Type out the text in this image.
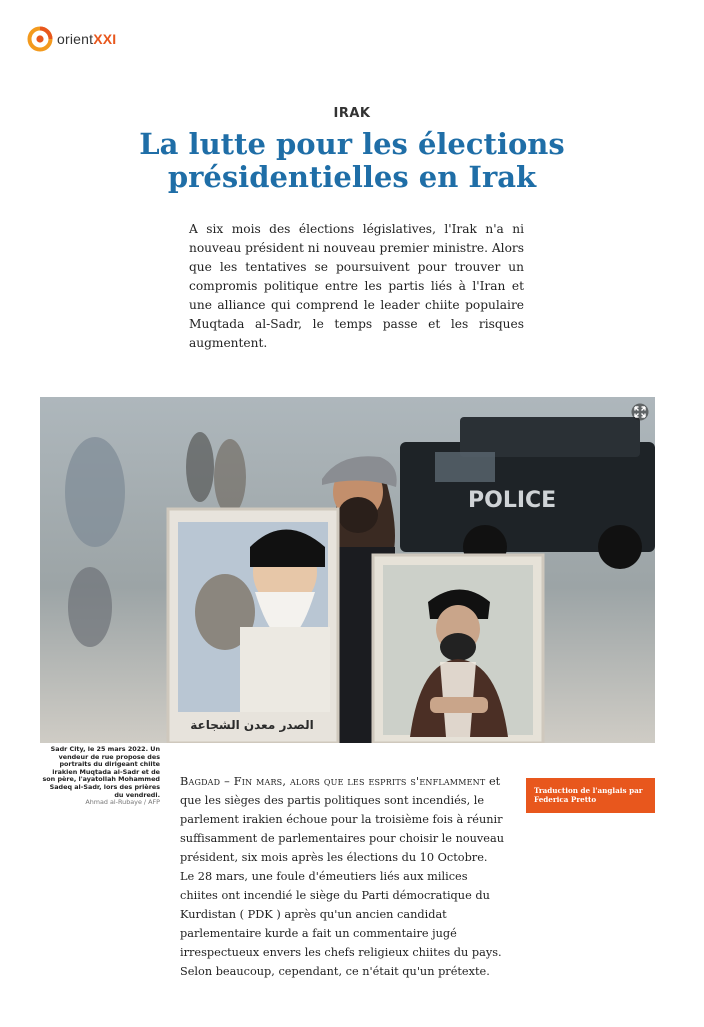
orientXXI
IRAK
La lutte pour les élections présidentielles en Irak

A six mois des élections législatives, l'Irak n'a ni nouveau président ni nouveau premier ministre. Alors que les tentatives se poursuivent pour trouver un compromis politique entre les partis liés à l'Iran et une alliance qui comprend le leader chiite populaire Muqtada al-Sadr, le temps passe et les risques augmentent.

POLICE
الصدر معدن الشجاعة
Sadr City, le 25 mars 2022. Un vendeur de rue propose des portraits du dirigeant chiite irakien Muqtada al-Sadr et de son père, l'ayatollah Mohammed Sadeq al-Sadr, lors des prières du vendredi.
Ahmad al-Rubaye / AFP

Bagdad – Fin mars, alors que les esprits s'enflamment et que les sièges des partis politiques sont incendiés, le parlement irakien échoue pour la troisième fois à réunir suffisamment de parlementaires pour choisir le nouveau président, six mois après les élections du 10 Octobre. Le 28 mars, une foule d'émeutiers liés aux milices chiites ont incendié le siège du Parti démocratique du Kurdistan ( PDK ) après qu'un ancien candidat parlementaire kurde a fait un commentaire jugé irrespectueux envers les chefs religieux chiites du pays. Selon beaucoup, cependant, ce n'était qu'un prétexte.

Traduction de l'anglais par Federica Pretto
